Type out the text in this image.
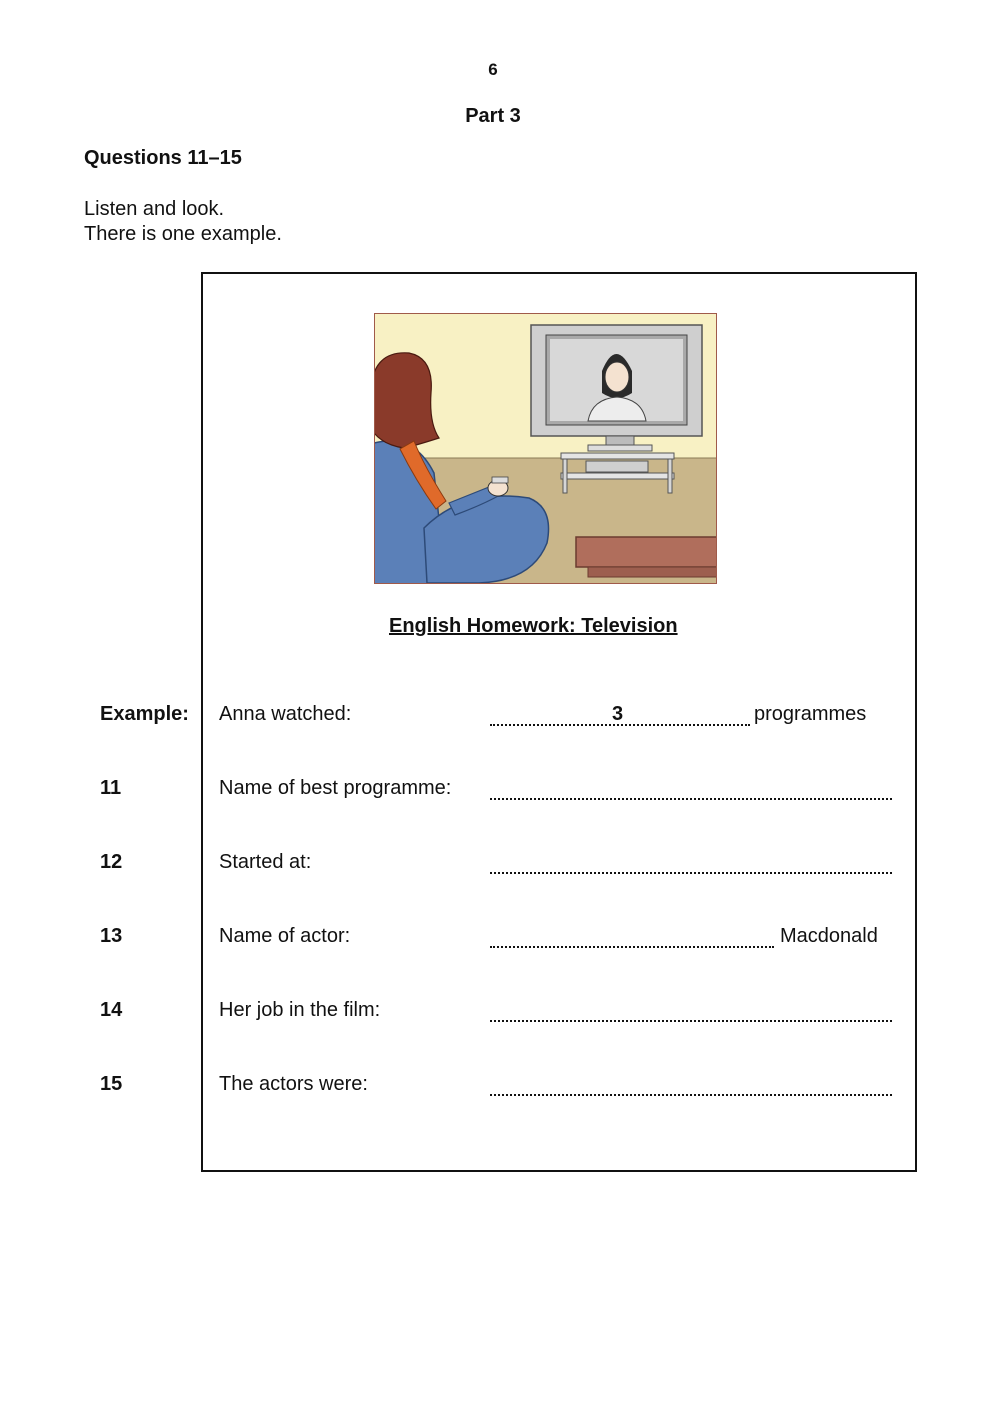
6
Part 3
Questions 11–15
Listen and look.
There is one example.
English Homework: Television
Example: Anna watched:	3	programmes
11	Name of best programme:
12	Started at:
13	Name of actor:	Macdonald
14	Her job in the film:
15	The actors were:
